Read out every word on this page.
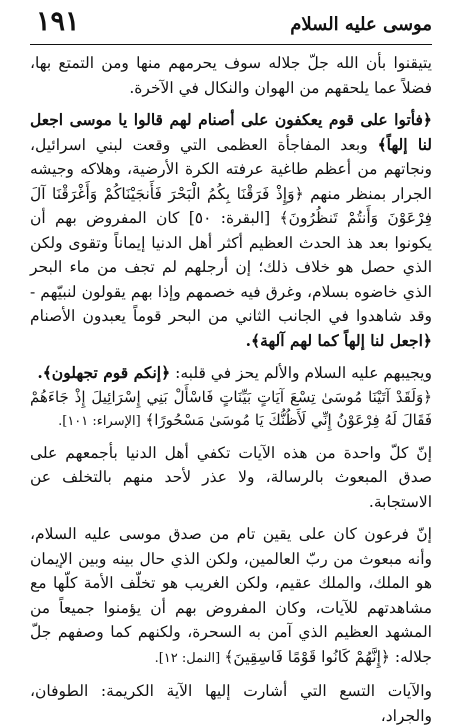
١٩١	موسى عليه السلام

يتيقنوا بأن الله جلّ جلاله سوف يحرمهم منها ومن التمتع بها، فضلاً عما يلحقهم من الهوان والنكال في الآخرة.

﴿فأتوا على قوم يعكفون على أصنام لهم قالوا يا موسى اجعل لنا إلهاً﴾ وبعد المفاجأة العظمى التي وقعت لبني اسرائيل، ونجاتهم من أعظم طاغية عرفته الكرة الأرضية، وهلاكه وجيشه الجرار بمنظر منهم ﴿وَإِذْ فَرَقْنَا بِكُمُ الْبَحْرَ فَأَنجَيْنَاكُمْ وَأَغْرَقْنَا آلَ فِرْعَوْنَ وَأَنتُمْ تَنظُرُونَ﴾ [البقرة: ٥٠] كان المفروض بهم أن يكونوا بعد هذ الحدث العظيم أكثر أهل الدنيا إيماناً وتقوى ولكن الذي حصل هو خلاف ذلك؛ إن أرجلهم لم تجف من ماء البحر الذي خاضوه بسلام، وغرق فيه خصمهم وإذا بهم يقولون لنبيّهم - وقد شاهدوا في الجانب الثاني من البحر قوماً يعبدون الأصنام ﴿اجعل لنا إلهاً كما لهم آلهة﴾.

ويجيبهم عليه السلام والألم يحز في قلبه: ﴿إنكم قوم تجهلون﴾.

﴿وَلَقَدْ آتَيْنَا مُوسَىٰ تِسْعَ آيَاتٍ بَيِّنَاتٍ فَاسْأَلْ بَنِي إِسْرَائِيلَ إِذْ جَاءَهُمْ فَقَالَ لَهُ فِرْعَوْنُ إِنِّي لَأَظُنُّكَ يَا مُوسَىٰ مَسْحُورًا﴾ [الإسراء: ١٠١].

إنّ كلّ واحدة من هذه الآيات تكفي أهل الدنيا بأجمعهم على صدق المبعوث بالرسالة، ولا عذر لأحد منهم بالتخلف عن الاستجابة.

إنّ فرعون كان على يقين تام من صدق موسى عليه السلام، وأنه مبعوث من ربّ العالمين، ولكن الذي حال بينه وبين الإيمان هو الملك، والملك عقيم، ولكن الغريب هو تخلّف الأمة كلّها مع مشاهدتهم للآيات، وكان المفروض بهم أن يؤمنوا جميعاً من المشهد العظيم الذي آمن به السحرة، ولكنهم كما وصفهم جلّ جلاله: ﴿إِنَّهُمْ كَانُوا قَوْمًا فَاسِقِينَ﴾ [النمل: ١٢].

والآيات التسع التي أشارت إليها الآية الكريمة: الطوفان، والجراد،
